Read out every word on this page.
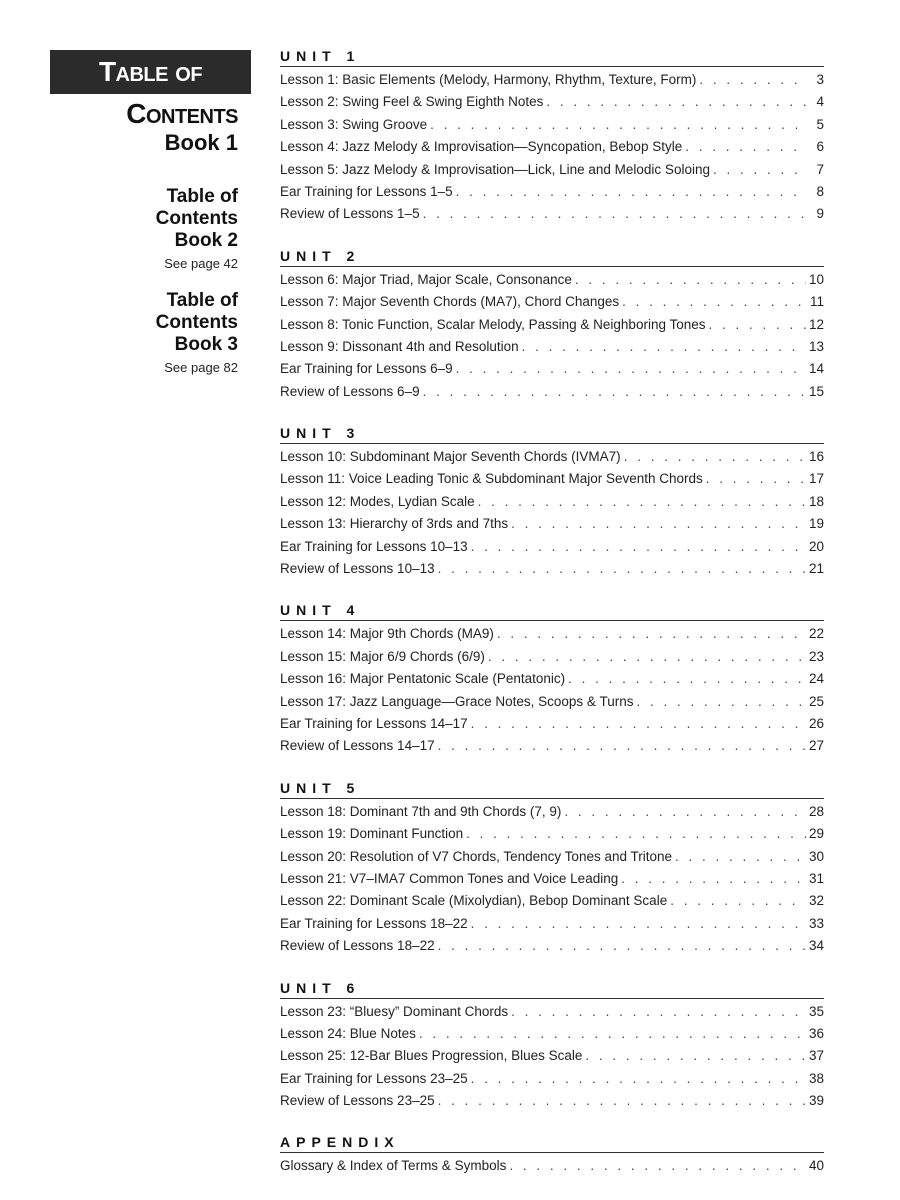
Table of
Contents
Book 1
Table of
Contents
Book 2
See page 42
Table of
Contents
Book 3
See page 82
UNIT 1
Lesson 1: Basic Elements (Melody, Harmony, Rhythm, Texture, Form) . . .	3
Lesson 2: Swing Feel & Swing Eighth Notes . . .	4
Lesson 3: Swing Groove . . .	5
Lesson 4: Jazz Melody & Improvisation—Syncopation, Bebop Style . . .	6
Lesson 5: Jazz Melody & Improvisation—Lick, Line and Melodic Soloing . . .	7
Ear Training for Lessons 1–5 . . .	8
Review of Lessons 1–5 . . .	9
UNIT 2
Lesson 6: Major Triad, Major Scale, Consonance . . .	10
Lesson 7: Major Seventh Chords (MA7), Chord Changes . . .	11
Lesson 8: Tonic Function, Scalar Melody, Passing & Neighboring Tones . . .	12
Lesson 9: Dissonant 4th and Resolution . . .	13
Ear Training for Lessons 6–9 . . .	14
Review of Lessons 6–9 . . .	15
UNIT 3
Lesson 10: Subdominant Major Seventh Chords (IVMA7) . . .	16
Lesson 11: Voice Leading Tonic & Subdominant Major Seventh Chords . . .	17
Lesson 12: Modes, Lydian Scale . . .	18
Lesson 13: Hierarchy of 3rds and 7ths . . .	19
Ear Training for Lessons 10–13 . . .	20
Review of Lessons 10–13 . . .	21
UNIT 4
Lesson 14: Major 9th Chords (MA9) . . .	22
Lesson 15: Major 6/9 Chords (6/9) . . .	23
Lesson 16: Major Pentatonic Scale (Pentatonic) . . .	24
Lesson 17: Jazz Language—Grace Notes, Scoops & Turns . . .	25
Ear Training for Lessons 14–17 . . .	26
Review of Lessons 14–17 . . .	27
UNIT 5
Lesson 18: Dominant 7th and 9th Chords (7, 9) . . .	28
Lesson 19: Dominant Function . . .	29
Lesson 20: Resolution of V7 Chords, Tendency Tones and Tritone . . .	30
Lesson 21: V7–IMA7 Common Tones and Voice Leading . . .	31
Lesson 22: Dominant Scale (Mixolydian), Bebop Dominant Scale . . .	32
Ear Training for Lessons 18–22 . . .	33
Review of Lessons 18–22 . . .	34
UNIT 6
Lesson 23: “Bluesy” Dominant Chords . . .	35
Lesson 24: Blue Notes . . .	36
Lesson 25: 12-Bar Blues Progression, Blues Scale . . .	37
Ear Training for Lessons 23–25 . . .	38
Review of Lessons 23–25 . . .	39
APPENDIX
Glossary & Index of Terms & Symbols . . .	40
